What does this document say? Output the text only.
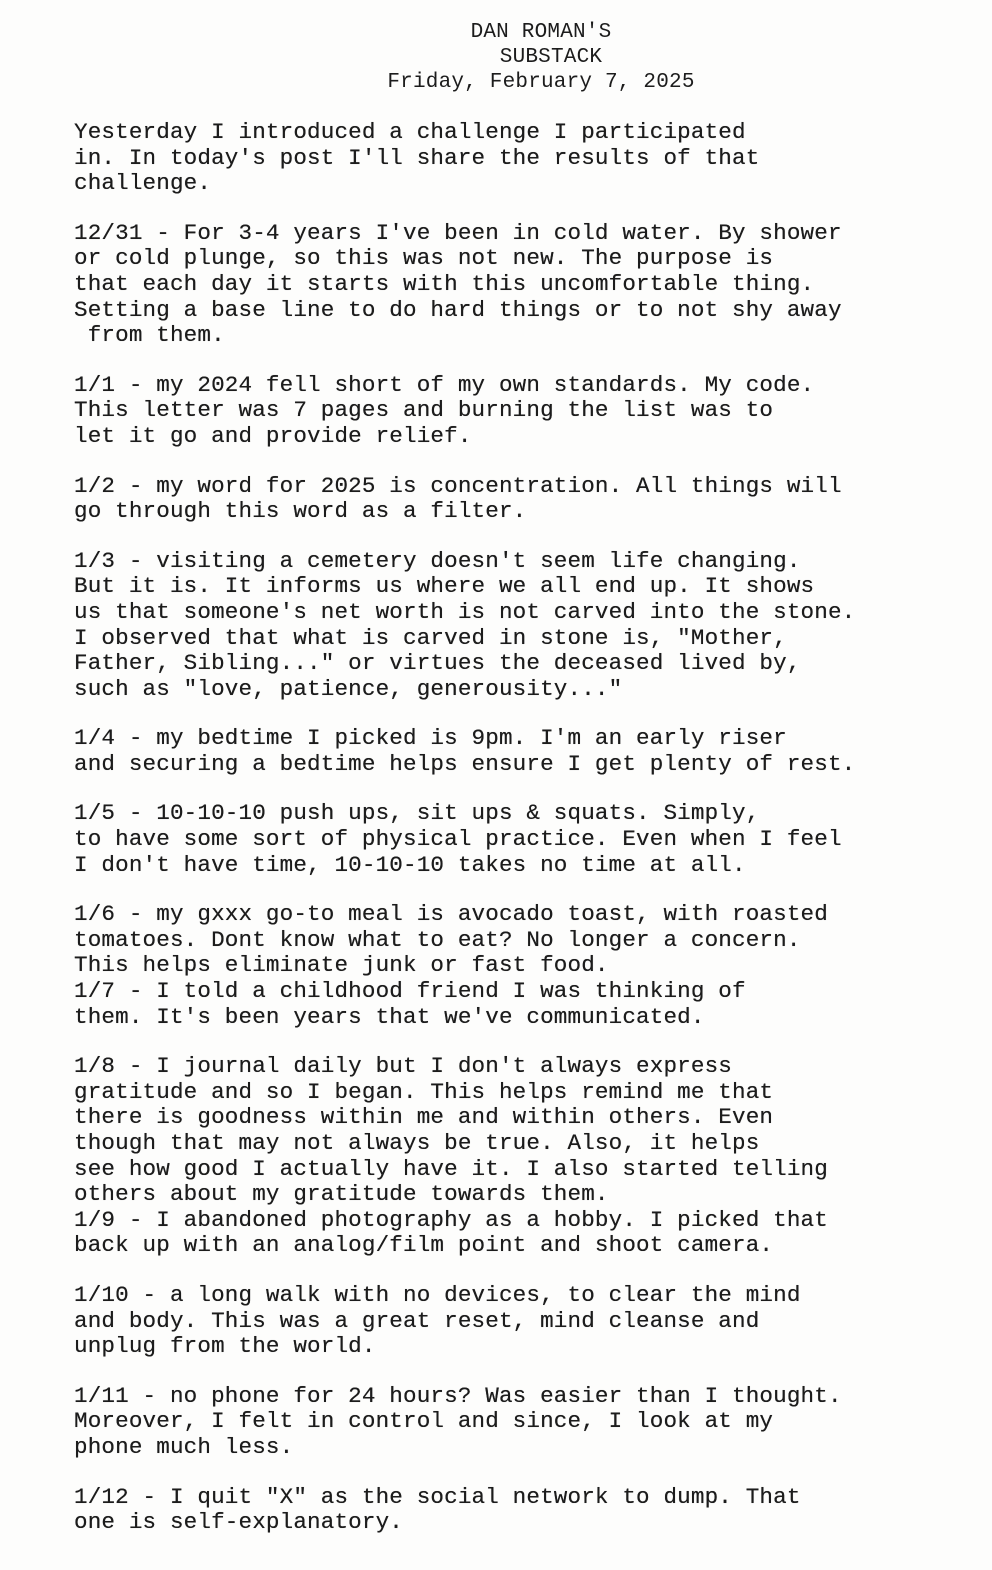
DAN ROMAN'S
SUBSTACK
Friday, February 7, 2025
Yesterday I introduced a challenge I participated
in. In today's post I'll share the results of that
challenge.
12/31 - For 3-4 years I've been in cold water. By shower
or cold plunge, so this was not new. The purpose is
that each day it starts with this uncomfortable thing.
Setting a base line to do hard things or to not shy away
from them.
1/1 - my 2024 fell short of my own standards. My code.
This letter was 7 pages and burning the list was to
let it go and provide relief.
1/2 - my word for 2025 is concentration. All things will
go through this word as a filter.
1/3 - visiting a cemetery doesn't seem life changing.
But it is. It informs us where we all end up. It shows
us that someone's net worth is not carved into the stone.
I observed that what is carved in stone is, "Mother,
Father, Sibling..." or virtues the deceased lived by,
such as "love, patience, generousity..."
1/4 - my bedtime I picked is 9pm. I'm an early riser
and securing a bedtime helps ensure I get plenty of rest.
1/5 - 10-10-10 push ups, sit ups & squats. Simply,
to have some sort of physical practice. Even when I feel
I don't have time, 10-10-10 takes no time at all.
1/6 - my gxxx go-to meal is avocado toast, with roasted
tomatoes. Dont know what to eat? No longer a concern.
This helps eliminate junk or fast food.
1/7 - I told a childhood friend I was thinking of
them. It's been years that we've communicated.
1/8 - I journal daily but I don't always express
gratitude and so I began. This helps remind me that
there is goodness within me and within others. Even
though that may not always be true. Also, it helps
see how good I actually have it. I also started telling
others about my gratitude towards them.
1/9 - I abandoned photography as a hobby. I picked that
back up with an analog/film point and shoot camera.
1/10 - a long walk with no devices, to clear the mind
and body. This was a great reset, mind cleanse and
unplug from the world.
1/11 - no phone for 24 hours? Was easier than I thought.
Moreover, I felt in control and since, I look at my
phone much less.
1/12 - I quit "X" as the social network to dump. That
one is self-explanatory.
